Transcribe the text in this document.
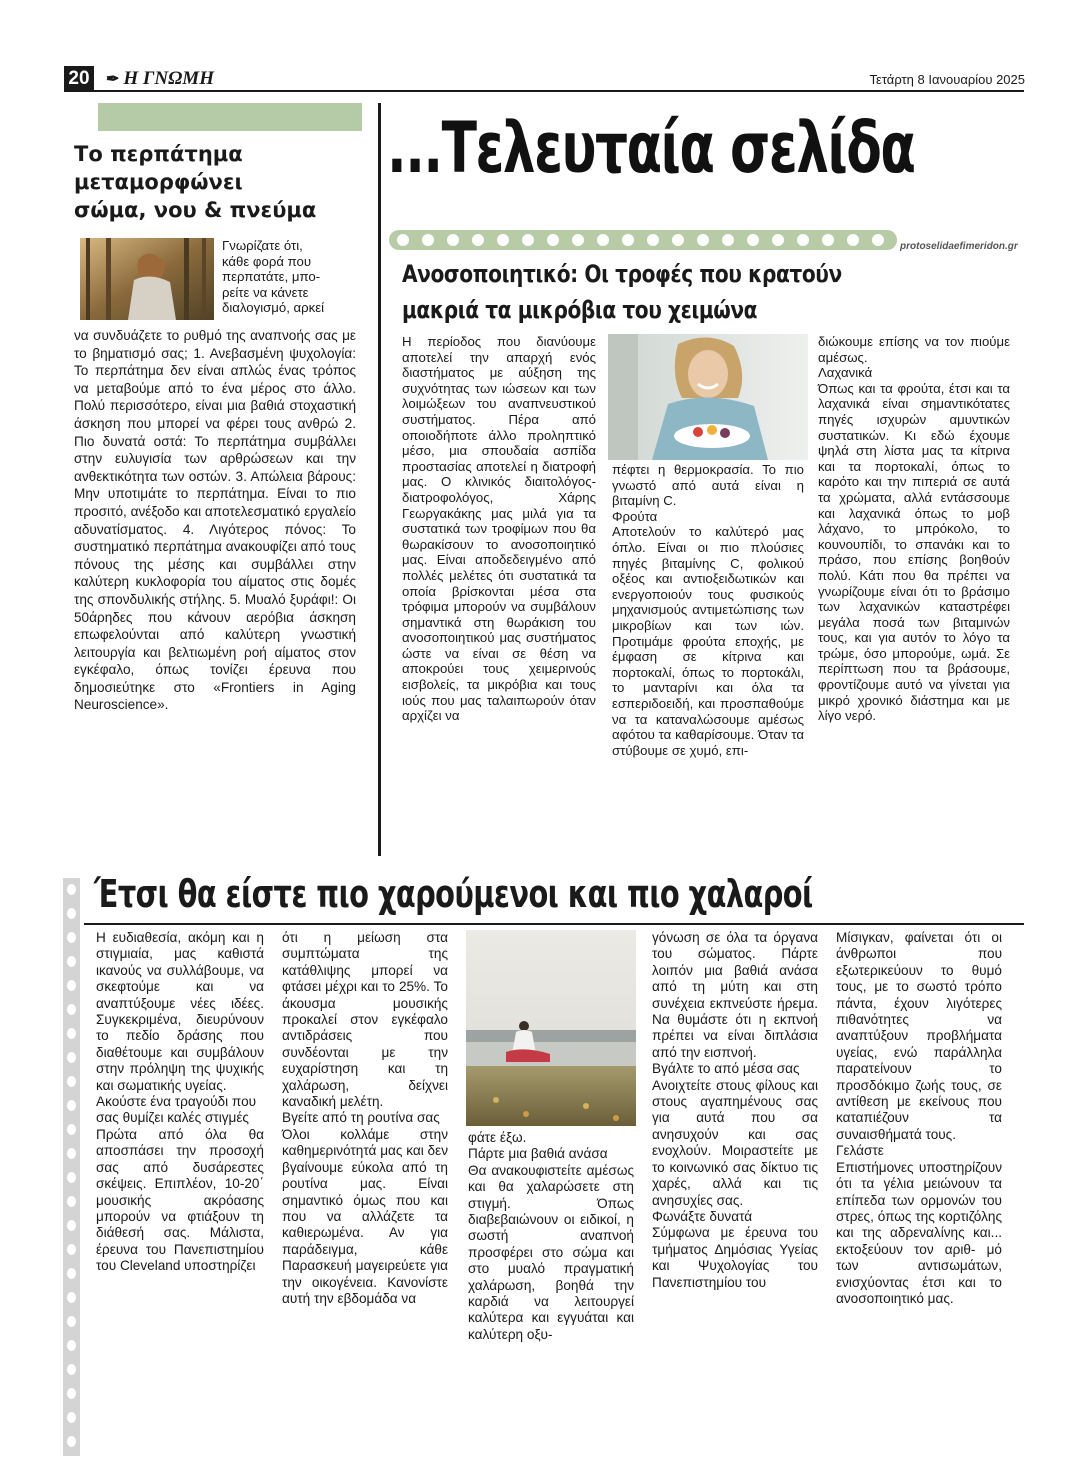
20 ✒ Η ΓΝΩΜΗ	Τετάρτη 8 Ιανουαρίου 2025
...Τελευταία σελίδα
protoselidaefimeridon.gr
Το περπάτημα
μεταμορφώνει
σώμα, νου & πνεύμα

Γνωρίζατε ότι,

κάθε φορά που

περπατάτε, μπο-

ρείτε να κάνετε

διαλογισμό, αρκεί

να συνδυάζετε το ρυθμό της αναπνοής σας με το βηματισμό σας; 1. Ανεβασμένη ψυχολογία: Το περπάτημα δεν είναι απλώς ένας τρόπος να μεταβούμε από το ένα μέρος στο άλλο. Πολύ περισσότερο, είναι μια βαθιά στοχαστική άσκηση που μπορεί να φέρει τους ανθρώ 2. Πιο δυνατά οστά: Το περπάτημα συμβάλλει στην ευλυγισία των αρθρώσεων και την ανθεκτικότητα των οστών. 3. Απώλεια βάρους: Μην υποτιμάτε το περπάτημα. Είναι το πιο προσιτό, ανέξοδο και αποτελεσματικό εργαλείο αδυνατίσματος. 4. Λιγότερος πόνος: Το συστηματικό περπάτημα ανακουφίζει από τους πόνους της μέσης και συμβάλλει στην καλύτερη κυκλοφορία του αίματος στις δομές της σπονδυλικής στήλης. 5. Μυαλό ξυράφι!: Οι 50άρηδες που κάνουν αερόβια άσκηση επωφελούνται από καλύτερη γνωστική λειτουργία και βελτιωμένη ροή αίματος στον εγκέφαλο, όπως τονίζει έρευνα που δημοσιεύτηκε στο «Frontiers in Aging Neuroscience».

Ανοσοποιητικό: Οι τροφές που κρατούν
μακριά τα μικρόβια του χειμώνα

Η περίοδος που διανύουμε αποτελεί την απαρχή ενός διαστήματος με αύξηση της συχνότητας των ιώσεων και των λοιμώξεων του αναπνευστικού συστήματος. Πέρα από οποιοδήποτε άλλο προληπτικό μέσο, μια σπουδαία ασπίδα προστασίας αποτελεί η διατροφή μας. Ο κλινικός διαιτολόγος-διατροφολόγος, Χάρης Γεωργακάκης μας μιλά για τα συστατικά των τροφίμων που θα θωρακίσουν το ανοσοποιητικό μας. Είναι αποδεδειγμένο από πολλές μελέτες ότι συστατικά τα οποία βρίσκονται μέσα στα τρόφιμα μπορούν να συμβάλουν σημαντικά στη θωράκιση του ανοσοποιητικού μας συστήματος ώστε να είναι σε θέση να αποκρούει τους χειμερινούς εισβολείς, τα μικρόβια και τους ιούς που μας ταλαιπωρούν όταν αρχίζει να

πέφτει η θερμοκρασία. Το πιο γνωστό από αυτά είναι η βιταμίνη C.

Φρούτα

Αποτελούν το καλύτερό μας όπλο. Είναι οι πιο πλούσιες πηγές βιταμίνης C, φολικού οξέος και αντιοξειδωτικών και ενεργοποιούν τους φυσικούς μηχανισμούς αντιμετώπισης των μικροβίων και των ιών. Προτιμάμε φρούτα εποχής, με έμφαση σε κίτρινα και πορτοκαλί, όπως το πορτοκάλι, το μανταρίνι και όλα τα εσπεριδοειδή, και προσπαθούμε να τα καταναλώσουμε αμέσως αφότου τα καθαρίσουμε. Όταν τα στύβουμε σε χυμό, επι-

διώκουμε επίσης να τον πιούμε αμέσως.

Λαχανικά

Όπως και τα φρούτα, έτσι και τα λαχανικά είναι σημαντικότατες πηγές ισχυρών αμυντικών συστατικών. Κι εδώ έχουμε ψηλά στη λίστα μας τα κίτρινα και τα πορτοκαλί, όπως το καρότο και την πιπεριά σε αυτά τα χρώματα, αλλά εντάσσουμε και λαχανικά όπως το μοβ λάχανο, το μπρόκολο, το κουνουπίδι, το σπανάκι και το πράσο, που επίσης βοηθούν πολύ. Κάτι που θα πρέπει να γνωρίζουμε είναι ότι το βράσιμο των λαχανικών καταστρέφει μεγάλα ποσά των βιταμινών τους, και για αυτόν το λόγο τα τρώμε, όσο μπορούμε, ωμά. Σε περίπτωση που τα βράσουμε, φροντίζουμε αυτό να γίνεται για μικρό χρονικό διάστημα και με λίγο νερό.

Έτσι θα είστε πιο χαρούμενοι και πιο χαλαροί

Η ευδιαθεσία, ακόμη και η στιγμιαία, μας καθιστά ικανούς να συλλάβουμε, να σκεφτούμε και να αναπτύξουμε νέες ιδέες. Συγκεκριμένα, διευρύνουν το πεδίο δράσης που διαθέτουμε και συμβάλουν στην πρόληψη της ψυχικής και σωματικής υγείας.

Ακούστε ένα τραγούδι που σας θυμίζει καλές στιγμές

Πρώτα από όλα θα αποσπάσει την προσοχή σας από δυσάρεστες σκέψεις. Επιπλέον, 10-20΄ μουσικής ακρόασης μπορούν να φτιάξουν τη διάθεσή σας. Μάλιστα, έρευνα του Πανεπιστημίου του Cleveland υποστηρίζει

ότι η μείωση στα συμπτώματα της κατάθλιψης μπορεί να φτάσει μέχρι και το 25%. Το άκουσμα μουσικής προκαλεί στον εγκέφαλο αντιδράσεις που συνδέονται με την ευχαρίστηση και τη χαλάρωση, δείχνει καναδική μελέτη.

Βγείτε από τη ρουτίνα σας

Όλοι κολλάμε στην καθημερινότητά μας και δεν βγαίνουμε εύκολα από τη ρουτίνα μας. Είναι σημαντικό όμως που και που να αλλάζετε τα καθιερωμένα. Αν για παράδειγμα, κάθε Παρασκευή μαγειρεύετε για την οικογένεια. Κανονίστε αυτή την εβδομάδα να

φάτε έξω.

Πάρτε μια βαθιά ανάσα

Θα ανακουφιστείτε αμέσως και θα χαλαρώσετε στη στιγμή. Όπως διαβεβαιώνουν οι ειδικοί, η σωστή αναπνοή προσφέρει στο σώμα και στο μυαλό πραγματική χαλάρωση, βοηθά την καρδιά να λειτουργεί καλύτερα και εγγυάται και καλύτερη οξυ-

γόνωση σε όλα τα όργανα του σώματος. Πάρτε λοιπόν μια βαθιά ανάσα από τη μύτη και στη συνέχεια εκπνεύστε ήρεμα. Να θυμάστε ότι η εκπνοή πρέπει να είναι διπλάσια από την εισπνοή.

Βγάλτε το από μέσα σας

Ανοιχτείτε στους φίλους και στους αγαπημένους σας για αυτά που σα ανησυχούν και σας ενοχλούν. Μοιραστείτε με το κοινωνικό σας δίκτυο τις χαρές, αλλά και τις ανησυχίες σας.

Φωνάξτε δυνατά

Σύμφωνα με έρευνα του τμήματος Δημόσιας Υγείας και Ψυχολογίας του Πανεπιστημίου του

Μίσιγκαν, φαίνεται ότι οι άνθρωποι που εξωτερικεύουν το θυμό τους, με το σωστό τρόπο πάντα, έχουν λιγότερες πιθανότητες να αναπτύξουν προβλήματα υγείας, ενώ παράλληλα παρατείνουν το προσδόκιμο ζωής τους, σε αντίθεση με εκείνους που καταπιέζουν τα συναισθήματά τους.

Γελάστε

Επιστήμονες υποστηρίζουν ότι τα γέλια μειώνουν τα επίπεδα των ορμονών του στρες, όπως της κορτιζόλης και της αδρεναλίνης και... εκτοξεύουν τον αριθ- μό των αντισωμάτων, ενισχύοντας έτσι και το ανοσοποιητικό μας.
